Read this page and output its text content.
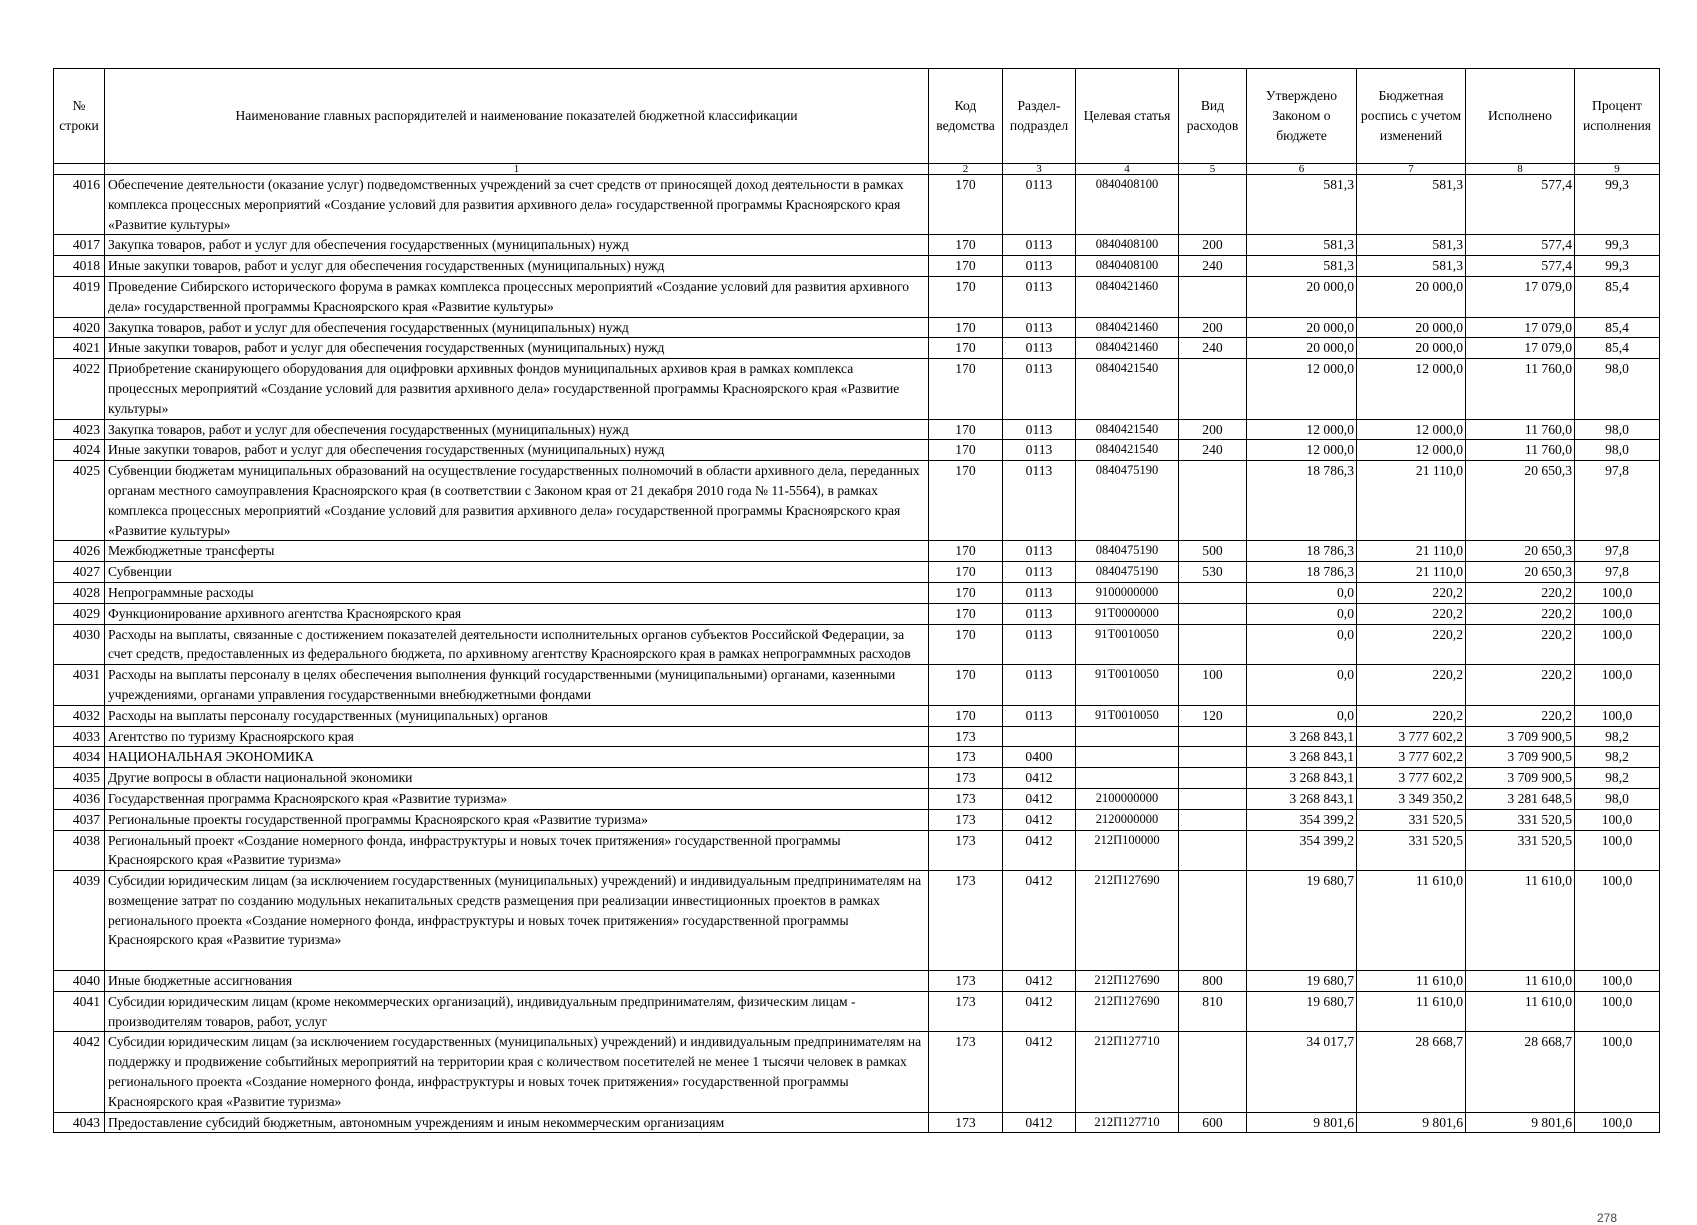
№ строки	Наименование главных распорядителей и наименование показателей бюджетной классификации	Код ведомства	Раздел-подраздел	Целевая статья	Вид расходов	Утверждено Законом о бюджете	Бюджетная роспись с учетом изменений	Исполнено	Процент исполнения
	1	2	3	4	5	6	7	8	9
4016	Обеспечение деятельности (оказание услуг) подведомственных учреждений за счет средств от приносящей доход деятельности в рамках комплекса процессных мероприятий «Создание условий для развития архивного дела» государственной программы Красноярского края «Развитие культуры»	170	0113	0840408100		581,3	581,3	577,4	99,3
4017	Закупка товаров, работ и услуг для обеспечения государственных (муниципальных) нужд	170	0113	0840408100	200	581,3	581,3	577,4	99,3
4018	Иные закупки товаров, работ и услуг для обеспечения государственных (муниципальных) нужд	170	0113	0840408100	240	581,3	581,3	577,4	99,3
4019	Проведение Сибирского исторического форума в рамках комплекса процессных мероприятий «Создание условий для развития архивного дела» государственной программы Красноярского края «Развитие культуры»	170	0113	0840421460		20 000,0	20 000,0	17 079,0	85,4
4020	Закупка товаров, работ и услуг для обеспечения государственных (муниципальных) нужд	170	0113	0840421460	200	20 000,0	20 000,0	17 079,0	85,4
4021	Иные закупки товаров, работ и услуг для обеспечения государственных (муниципальных) нужд	170	0113	0840421460	240	20 000,0	20 000,0	17 079,0	85,4
4022	Приобретение сканирующего оборудования для оцифровки архивных фондов муниципальных архивов края в рамках комплекса процессных мероприятий «Создание условий для развития архивного дела» государственной программы Красноярского края «Развитие культуры»	170	0113	0840421540		12 000,0	12 000,0	11 760,0	98,0
4023	Закупка товаров, работ и услуг для обеспечения государственных (муниципальных) нужд	170	0113	0840421540	200	12 000,0	12 000,0	11 760,0	98,0
4024	Иные закупки товаров, работ и услуг для обеспечения государственных (муниципальных) нужд	170	0113	0840421540	240	12 000,0	12 000,0	11 760,0	98,0
4025	Субвенции бюджетам муниципальных образований на осуществление государственных полномочий в области архивного дела, переданных органам местного самоуправления Красноярского края (в соответствии с Законом края от 21 декабря 2010 года № 11-5564), в рамках комплекса процессных мероприятий «Создание условий для развития архивного дела» государственной программы Красноярского края «Развитие культуры»	170	0113	0840475190		18 786,3	21 110,0	20 650,3	97,8
4026	Межбюджетные трансферты	170	0113	0840475190	500	18 786,3	21 110,0	20 650,3	97,8
4027	Субвенции	170	0113	0840475190	530	18 786,3	21 110,0	20 650,3	97,8
4028	Непрограммные расходы	170	0113	9100000000		0,0	220,2	220,2	100,0
4029	Функционирование архивного агентства Красноярского края	170	0113	91Т0000000		0,0	220,2	220,2	100,0
4030	Расходы на выплаты, связанные с достижением показателей деятельности исполнительных органов субъектов Российской Федерации, за счет средств, предоставленных из федерального бюджета, по архивному агентству Красноярского края в рамках непрограммных расходов	170	0113	91Т0010050		0,0	220,2	220,2	100,0
4031	Расходы на выплаты персоналу в целях обеспечения выполнения функций государственными (муниципальными) органами, казенными учреждениями, органами управления государственными внебюджетными фондами	170	0113	91Т0010050	100	0,0	220,2	220,2	100,0
4032	Расходы на выплаты персоналу государственных (муниципальных) органов	170	0113	91Т0010050	120	0,0	220,2	220,2	100,0
4033	Агентство по туризму Красноярского края	173				3 268 843,1	3 777 602,2	3 709 900,5	98,2
4034	НАЦИОНАЛЬНАЯ ЭКОНОМИКА	173	0400			3 268 843,1	3 777 602,2	3 709 900,5	98,2
4035	Другие вопросы в области национальной экономики	173	0412			3 268 843,1	3 777 602,2	3 709 900,5	98,2
4036	Государственная программа Красноярского края «Развитие туризма»	173	0412	2100000000		3 268 843,1	3 349 350,2	3 281 648,5	98,0
4037	Региональные проекты государственной программы Красноярского края «Развитие туризма»	173	0412	2120000000		354 399,2	331 520,5	331 520,5	100,0
4038	Региональный проект «Создание номерного фонда, инфраструктуры и новых точек притяжения» государственной программы Красноярского края «Развитие туризма»	173	0412	212П100000		354 399,2	331 520,5	331 520,5	100,0
4039	Субсидии юридическим лицам (за исключением государственных (муниципальных) учреждений) и индивидуальным предпринимателям на возмещение затрат по созданию модульных некапитальных средств размещения при реализации инвестиционных проектов в рамках регионального проекта «Создание номерного фонда, инфраструктуры и новых точек притяжения» государственной программы Красноярского края «Развитие туризма»	173	0412	212П127690		19 680,7	11 610,0	11 610,0	100,0
4040	Иные бюджетные ассигнования	173	0412	212П127690	800	19 680,7	11 610,0	11 610,0	100,0
4041	Субсидии юридическим лицам (кроме некоммерческих организаций), индивидуальным предпринимателям, физическим лицам - производителям товаров, работ, услуг	173	0412	212П127690	810	19 680,7	11 610,0	11 610,0	100,0
4042	Субсидии юридическим лицам (за исключением государственных (муниципальных) учреждений) и индивидуальным предпринимателям на поддержку и продвижение событийных мероприятий на территории края с количеством посетителей не менее 1 тысячи человек в рамках регионального проекта «Создание номерного фонда, инфраструктуры и новых точек притяжения» государственной программы Красноярского края «Развитие туризма»	173	0412	212П127710		34 017,7	28 668,7	28 668,7	100,0
4043	Предоставление субсидий бюджетным, автономным учреждениям и иным некоммерческим организациям	173	0412	212П127710	600	9 801,6	9 801,6	9 801,6	100,0
278
